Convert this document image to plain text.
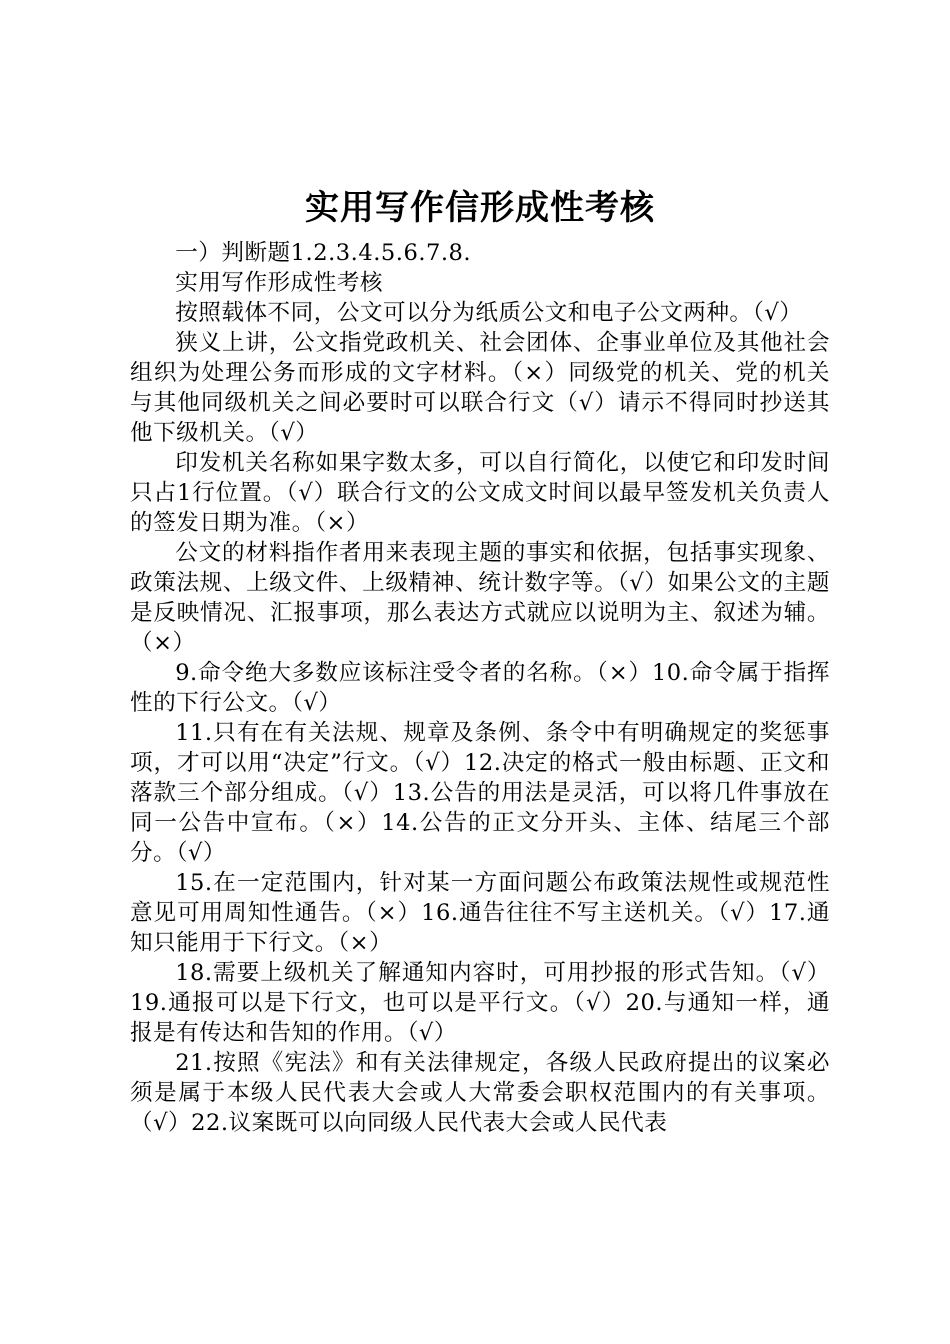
实用写作信形成性考核

一）判断题1.2.3.4.5.6.7.8.

实用写作形成性考核

按照载体不同，公文可以分为纸质公文和电子公文两种。（√）

狭义上讲，公文指党政机关、社会团体、企事业单位及其他社会组织为处理公务而形成的文字材料。（×）同级党的机关、党的机关与其他同级机关之间必要时可以联合行文（√）请示不得同时抄送其他下级机关。（√）

印发机关名称如果字数太多，可以自行简化，以使它和印发时间只占1行位置。（√）联合行文的公文成文时间以最早签发机关负责人的签发日期为准。（×）

公文的材料指作者用来表现主题的事实和依据，包括事实现象、政策法规、上级文件、上级精神、统计数字等。（√）如果公文的主题是反映情况、汇报事项，那么表达方式就应以说明为主、叙述为辅。（×）

9.命令绝大多数应该标注受令者的名称。（×）10.命令属于指挥性的下行公文。（√）

11.只有在有关法规、规章及条例、条令中有明确规定的奖惩事项，才可以用“决定”行文。（√）12.决定的格式一般由标题、正文和落款三个部分组成。（√）13.公告的用法是灵活，可以将几件事放在同一公告中宣布。（×）14.公告的正文分开头、主体、结尾三个部分。（√）

15.在一定范围内，针对某一方面问题公布政策法规性或规范性意见可用周知性通告。（×）16.通告往往不写主送机关。（√）17.通知只能用于下行文。（×）

18.需要上级机关了解通知内容时，可用抄报的形式告知。（√）19.通报可以是下行文，也可以是平行文。（√）20.与通知一样，通报是有传达和告知的作用。（√）

21.按照《宪法》和有关法律规定，各级人民政府提出的议案必须是属于本级人民代表大会或人大常委会职权范围内的有关事项。（√）22.议案既可以向同级人民代表大会或人民代表
